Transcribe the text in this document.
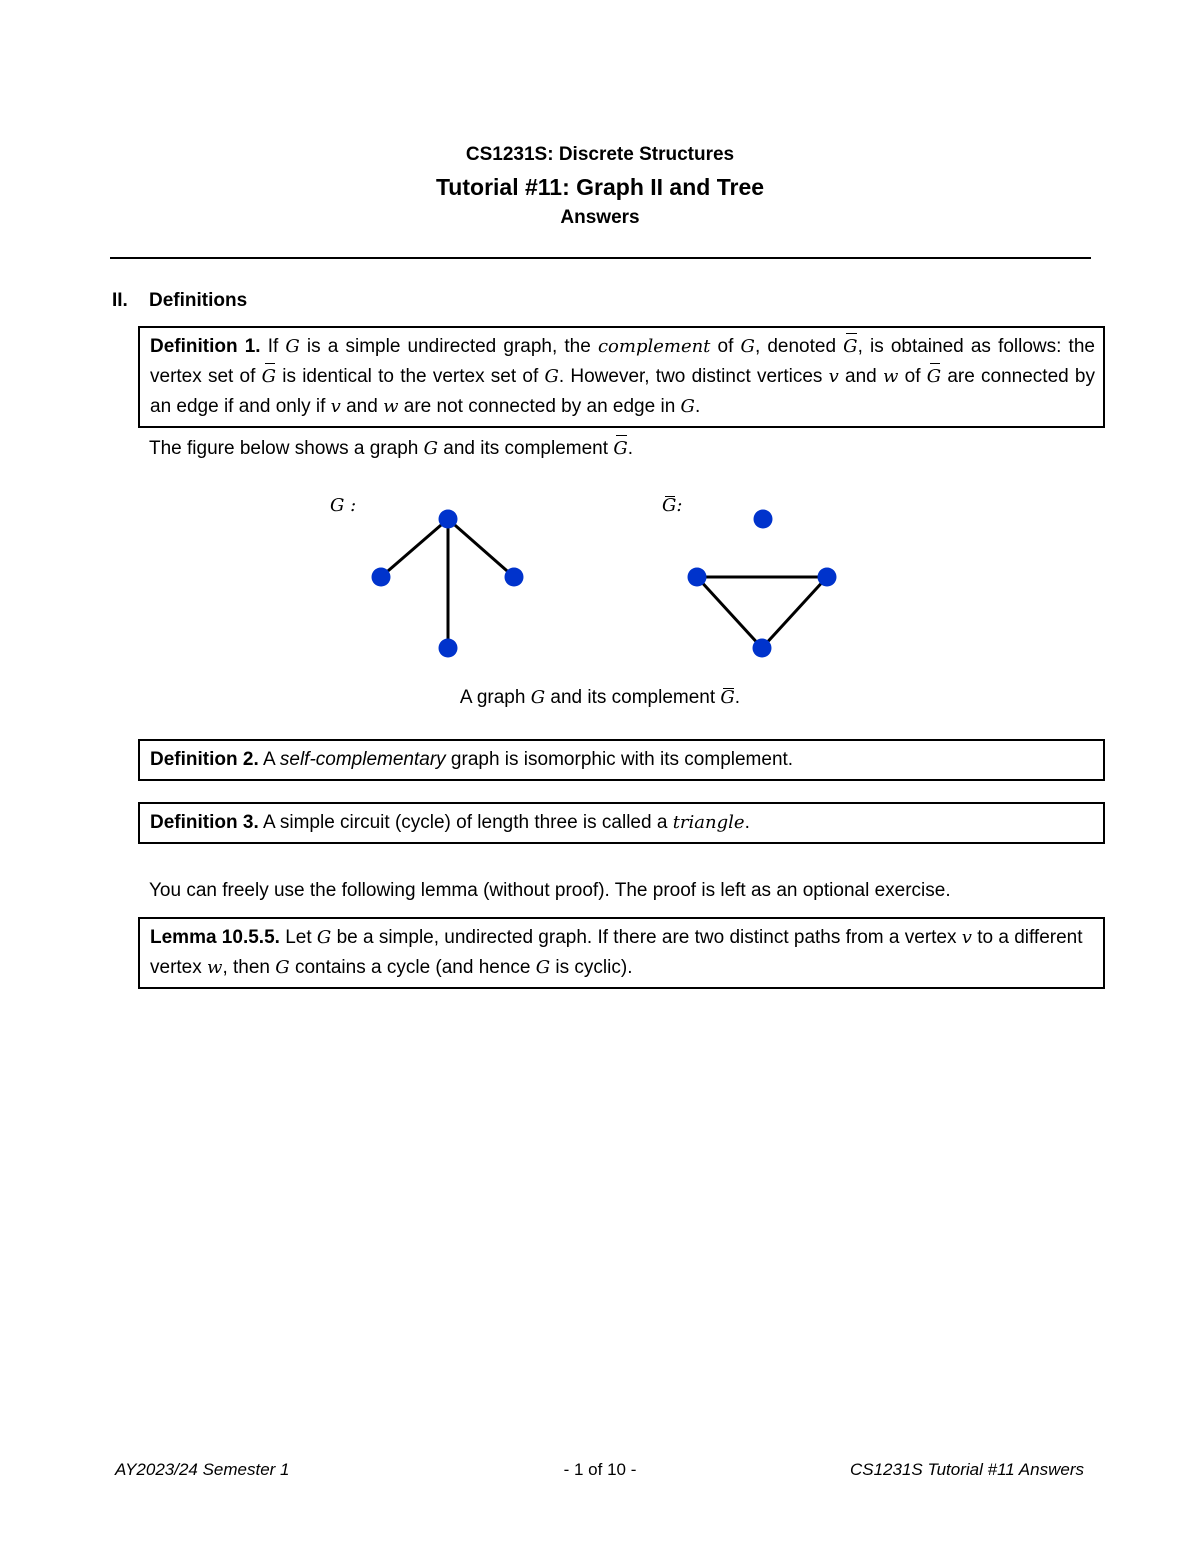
CS1231S: Discrete Structures
Tutorial #11: Graph II and Tree
Answers
II. Definitions
Definition 1. If G is a simple undirected graph, the complement of G, denoted G, is obtained as follows: the vertex set of G is identical to the vertex set of G. However, two distinct vertices v and w of G are connected by an edge if and only if v and w are not connected by an edge in G.
The figure below shows a graph G and its complement G.
G :	G:
A graph G and its complement G.
Definition 2. A self-complementary graph is isomorphic with its complement.
Definition 3. A simple circuit (cycle) of length three is called a triangle.
You can freely use the following lemma (without proof). The proof is left as an optional exercise.
Lemma 10.5.5. Let G be a simple, undirected graph. If there are two distinct paths from a vertex v to a different vertex w, then G contains a cycle (and hence G is cyclic).
AY2023/24 Semester 1	- 1 of 10 -	CS1231S Tutorial #11 Answers
